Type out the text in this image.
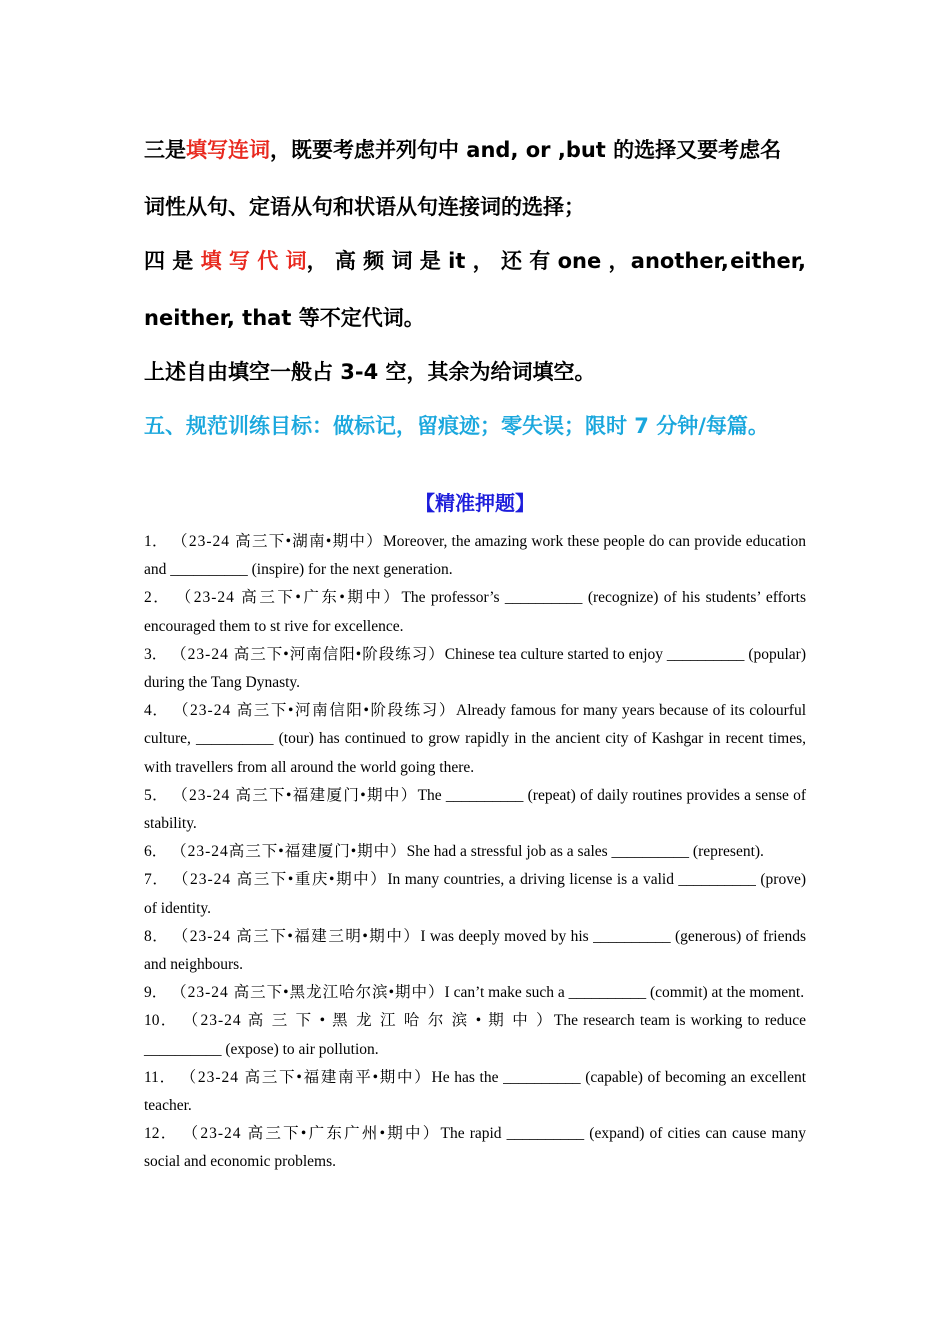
三是填写连词，既要考虑并列句中 and, or ,but 的选择又要考虑名

词性从句、定语从句和状语从句连接词的选择；

四 是 填 写 代 词， 高 频 词 是 it ， 还 有 one ， another, either,

neither, that 等不定代词。

上述自由填空一般占 3-4 空，其余为给词填空。

五、规范训练目标：做标记，留痕迹；零失误；限时 7 分钟/每篇。

【精准押题】
1． （23-24 高三下•湖南•期中）Moreover, the amazing work these people do can provide education and __________ (inspire) for the next generation.
2． （23-24 高三下•广东•期中）The professor’s __________ (recognize) of his students’ efforts encouraged them to st rive for excellence.
3． （23-24 高三下•河南信阳•阶段练习）Chinese tea culture started to enjoy __________ (popular) during the Tang Dynasty.
4． （23-24 高三下•河南信阳•阶段练习）Already famous for many years because of its colourful culture, __________ (tour) has continued to grow rapidly in the ancient city of Kashgar in recent times, with travellers from all around the world going there.
5． （23-24 高三下•福建厦门•期中）The __________ (repeat) of daily routines provides a sense of stability.
6． （23-24高三下•福建厦门•期中）She had a stressful job as a sales __________ (represent).
7． （23-24 高三下•重庆•期中）In many countries, a driving license is a valid __________ (prove) of identity.
8． （23-24 高三下•福建三明•期中）I was deeply moved by his __________ (generous) of friends and neighbours.
9． （23-24 高三下•黑龙江哈尔滨•期中）I can’t make such a __________ (commit) at the moment.
10． （23-24 高 三 下 • 黑 龙 江 哈 尔 滨 • 期 中 ）The research team is working to reduce __________ (expose) to air pollution.
11． （23-24 高三下•福建南平•期中）He has the __________ (capable) of becoming an excellent teacher.
12． （23-24 高三下•广东广州•期中）The rapid __________ (expand) of cities can cause many social and economic problems.
